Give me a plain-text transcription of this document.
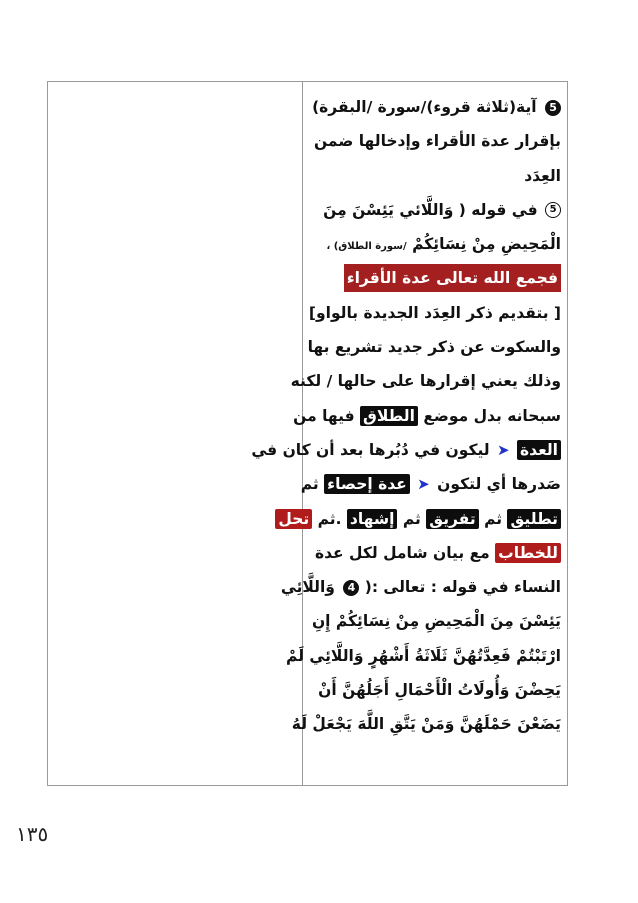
5 آية(ثلاثة قروء)/سورة /البقرة)
بإقرار عدة الأقراء وإدخالها ضمن
العِدَد
5 في قوله ( وَاللَّائي يَئِسْنَ مِنَ
الْمَحِيضِ مِنْ نِسَائِكُمْ /سورة الطلاق) ،
فجمع الله تعالى عدة الأقراء
[ بتقديم ذكر العِدَد الجديدة بالواو]
والسكوت عن ذكر جديد تشريع بها
وذلك يعني إقرارها على حالها / لكنه
سبحانه بدل موضع الطلاق فيها من
العدة ➤ ليكون في دُبُرها بعد أن كان في
صَدرها أي لتكون ➤ عدة إحصاء ثم
تطليق ثم تفريق ثم إشهاد .ثم تحل
للخطاب مع بيان شامل لكل عدة
النساء في قوله : تعالى :( 4 وَاللَّائِي
يَئِسْنَ مِنَ الْمَحِيضِ مِنْ نِسَائِكُمْ إِنِ
ارْتَبْتُمْ فَعِدَّتُهُنَّ ثَلَاثَةُ أَشْهُرٍ وَاللَّائِي لَمْ
يَحِضْنَ وَأُولَاتُ الْأَحْمَالِ أَجَلُهُنَّ أَنْ
يَضَعْنَ حَمْلَهُنَّ وَمَنْ يَتَّقِ اللَّهَ يَجْعَلْ لَهُ
١٣٥
